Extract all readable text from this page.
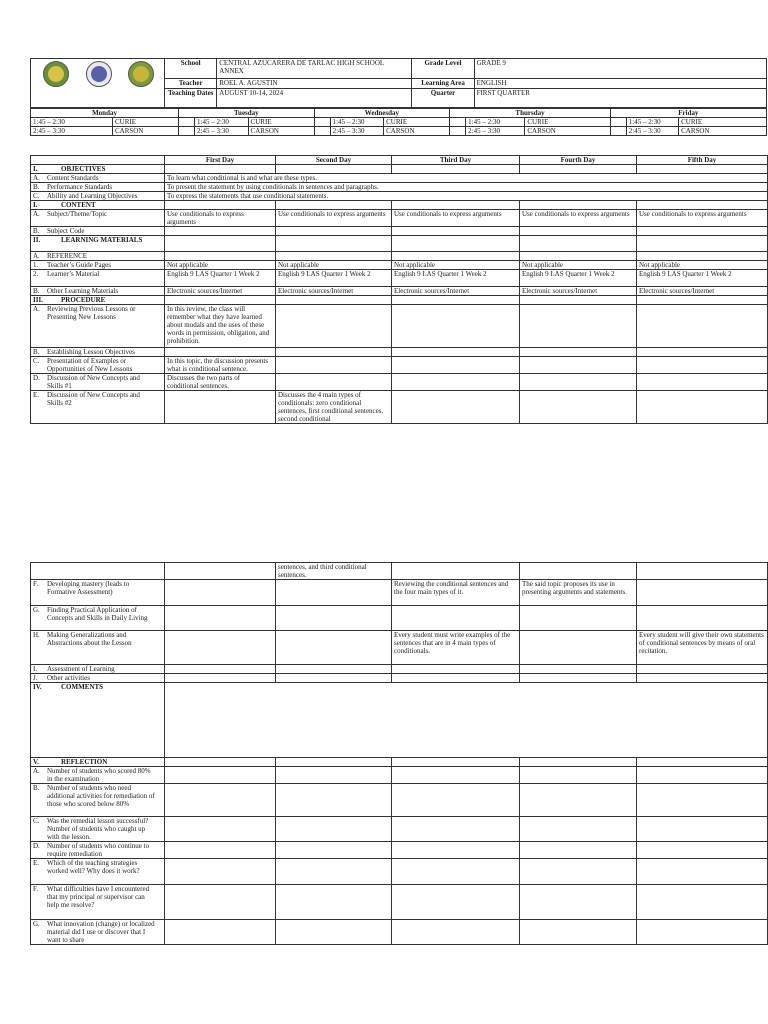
	School	CENTRAL AZUCARERA DE TARLAC HIGH SCHOOL ANNEX	Grade Level	GRADE 9
	Teacher	ROEL A. AGUSTIN	Learning Area	ENGLISH
	Teaching Dates	AUGUST 10-14, 2024	Quarter	FIRST QUARTER
Monday		Tuesday			Wednesday			Thursday			Friday		
1:45 – 2:30	CURIE		1:45 – 2:30	CURIE		1:45 – 2:30	CURIE		1:45 – 2:30	CURIE		1:45 – 2:30	CURIE
2:45 – 3:30	CARSON		2:45 – 3:30	CARSON		2:45 – 3:30	CARSON		2:45 – 3:30	CARSON		2:45 – 3:30	CARSON
	First Day	Second Day	Third Day	Fourth Day	Fifth Day
I. OBJECTIVES					
A. Content Standards	To learn what conditional is and what are these types.				
B. Performance Standards	To present the statement by using conditionals in sentences and paragraphs.				
C. Ability and Learning Objectives	To express the statements that use conditional statements.				
I. CONTENT					
A. Subject/Theme/Topic	Use conditionals to express arguments	Use conditionals to express arguments	Use conditionals to express arguments	Use conditionals to express arguments	Use conditionals to express arguments
B. Subject Code					
II. LEARNING MATERIALS					
A. REFERENCE					
1. Teacher’s Guide Pages	Not applicable	Not applicable	Not applicable	Not applicable	Not applicable
2. Learner’s Material	English 9 LAS Quarter 1 Week 2	English 9 LAS Quarter 1 Week 2	English 9 LAS Quarter 1 Week 2	English 9 LAS Quarter 1 Week 2	English 9 LAS Quarter 1 Week 2
B. Other Learning Materials	Electronic sources/Internet	Electronic sources/Internet	Electronic sources/Internet	Electronic sources/Internet	Electronic sources/Internet
III. PROCEDURE					
A. Reviewing Previous Lessons or Presenting New Lessons	In this review, the class will remember what they have learned about modals and the uses of these words in permission, obligation, and prohibition.				
B. Establishing Lesson Objectives					
C. Presentation of Examples or Opportunities of New Lessons	In this topic, the discussion presents what is conditional sentence.				
D. Discussion of New Concepts and Skills #1	Discusses the two parts of conditional sentences.				
E. Discussion of New Concepts and Skills #2		Discusses the 4 main types of conditionals: zero conditional sentences, first conditional sentences, second conditional			
		sentences, and third conditional sentences.			
F. Developing mastery (leads to Formative Assessment)			Reviewing the conditional sentences and the four main types of it.	The said topic proposes its use in presenting arguments and statements.	
G. Finding Practical Application of Concepts and Skills in Daily Living					
H. Making Generalizations and Abstractions about the Lesson			Every student must write examples of the sentences that are in 4 main types of conditionals.		Every student will give their own statements of conditional sentences by means of oral recitation.
I. Assessment of Learning					
J. Other activities					
IV. COMMENTS					
V. REFLECTION					
A. Number of students who scored 80% in the examination					
B. Number of students who need additional activities for remediation of those who scored below 80%					
C. Was the remedial lesson successful? Number of students who caught up with the lesson.					
D. Number of students who continue to require remediation					
E. Which of the teaching strategies worked well? Why does it work?					
F. What difficulties have I encountered that my principal or supervisor can help me resolve?					
G. What innovation (change) or localized material did I use or discover that I want to share					
